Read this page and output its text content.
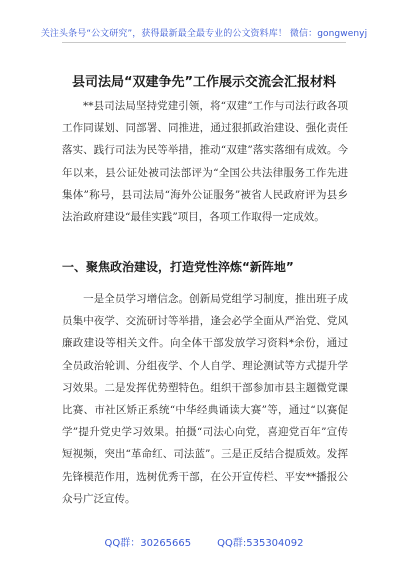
关注头条号“公文研究”，获得最新最全最专业的公文资料库！ 微信：gongwenyj
县司法局“双建争先”工作展示交流会汇报材料
**县司法局坚持党建引领，将“双建”工作与司法行政各项工作同谋划、同部署、同推进，通过狠抓政治建设、强化责任落实、践行司法为民等举措，推动“双建”落实落细有成效。今年以来，县公证处被司法部评为“全国公共法律服务工作先进集体”称号，县司法局“海外公证服务”被省人民政府评为县乡法治政府建设“最佳实践”项目，各项工作取得一定成效。
一、聚焦政治建设，打造党性淬炼“新阵地”
一是全员学习增信念。创新局党组学习制度，推出班子成员集中夜学、交流研讨等举措，逢会必学全面从严治党、党风廉政建设等相关文件。向全体干部发放学习资料*余份，通过全员政治轮训、分组夜学、个人自学、理论测试等方式提升学习效果。二是发挥优势塑特色。组织干部参加市县主题微党课比赛、市社区矫正系统“中华经典诵读大赛”等，通过“以赛促学”提升党史学习效果。拍摄“司法心向党，喜迎党百年”宣传短视频，突出“革命红、司法蓝”。三是正反结合提质效。发挥先锋模范作用，选树优秀干部，在公开宣传栏、平安**播报公众号广泛宣传。
QQ群：30265665	QQ群:535304092
